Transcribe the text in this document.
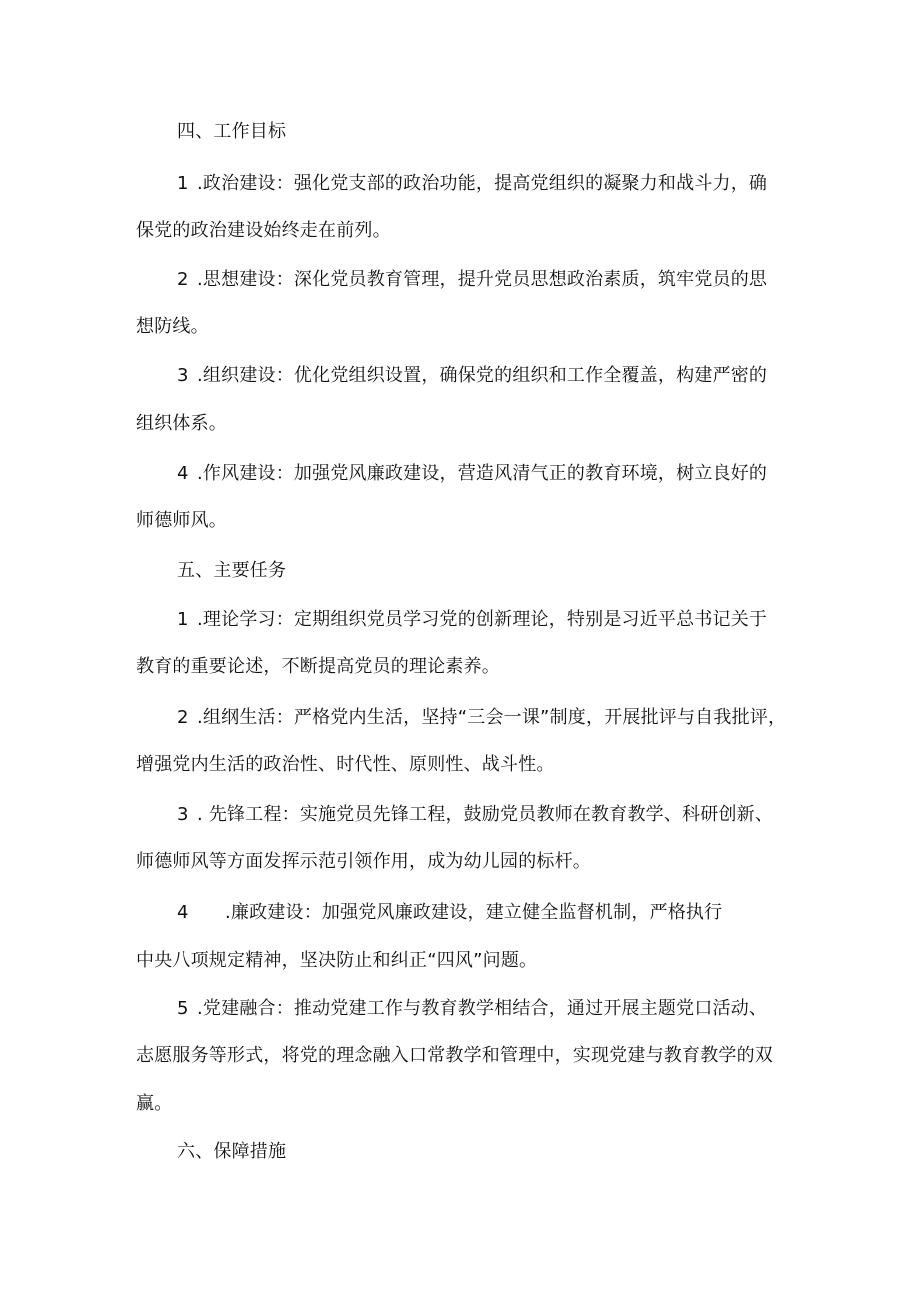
四、工作目标
1 .政治建设：强化党支部的政治功能，提高党组织的凝聚力和战斗力，确
保党的政治建设始终走在前列。
2 .思想建设：深化党员教育管理，提升党员思想政治素质，筑牢党员的思
想防线。
3 .组织建设：优化党组织设置，确保党的组织和工作全覆盖，构建严密的
组织体系。
4 .作风建设：加强党风廉政建设，营造风清气正的教育环境，树立良好的
师德师风。
五、主要任务
1 .理论学习：定期组织党员学习党的创新理论，特别是习近平总书记关于
教育的重要论述，不断提高党员的理论素养。
2 .组纲生活：严格党内生活，坚持“三会一课”制度，开展批评与自我批评，
增强党内生活的政治性、时代性、原则性、战斗性。
3 . 先锋工程：实施党员先锋工程，鼓励党员教师在教育教学、科研创新、
师德师风等方面发挥示范引领作用，成为幼儿园的标杆。
4 .廉政建设：加强党风廉政建设，建立健全监督机制，严格执行
中央八项规定精神，坚决防止和纠正“四风”问题。
5 .党建融合：推动党建工作与教育教学相结合，通过开展主题党口活动、
志愿服务等形式，将党的理念融入口常教学和管理中，实现党建与教育教学的双
赢。
六、保障措施
